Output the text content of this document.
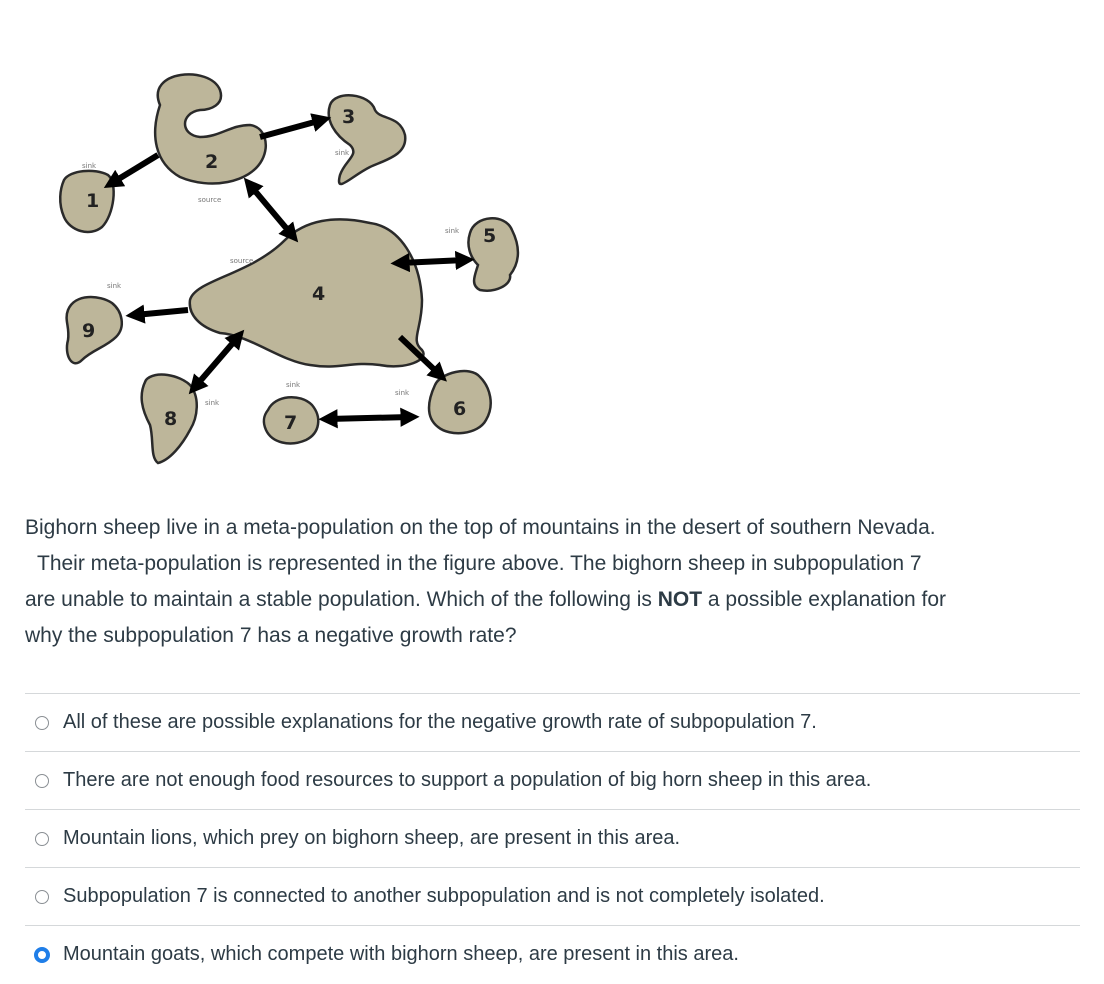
1
2
3
4
5
6
7
8
9
sink
source
sink
source
sink
sink
sink
sink
sink

Bighorn sheep live in a meta-population on the top of mountains in the desert of southern Nevada.

Their meta-population is represented in the figure above. The bighorn sheep in subpopulation 7

are unable to maintain a stable population. Which of the following is NOT a possible explanation for

why the subpopulation 7 has a negative growth rate?

All of these are possible explanations for the negative growth rate of subpopulation 7.
There are not enough food resources to support a population of big horn sheep in this area.
Mountain lions, which prey on bighorn sheep, are present in this area.
Subpopulation 7 is connected to another subpopulation and is not completely isolated.
Mountain goats, which compete with bighorn sheep, are present in this area.
